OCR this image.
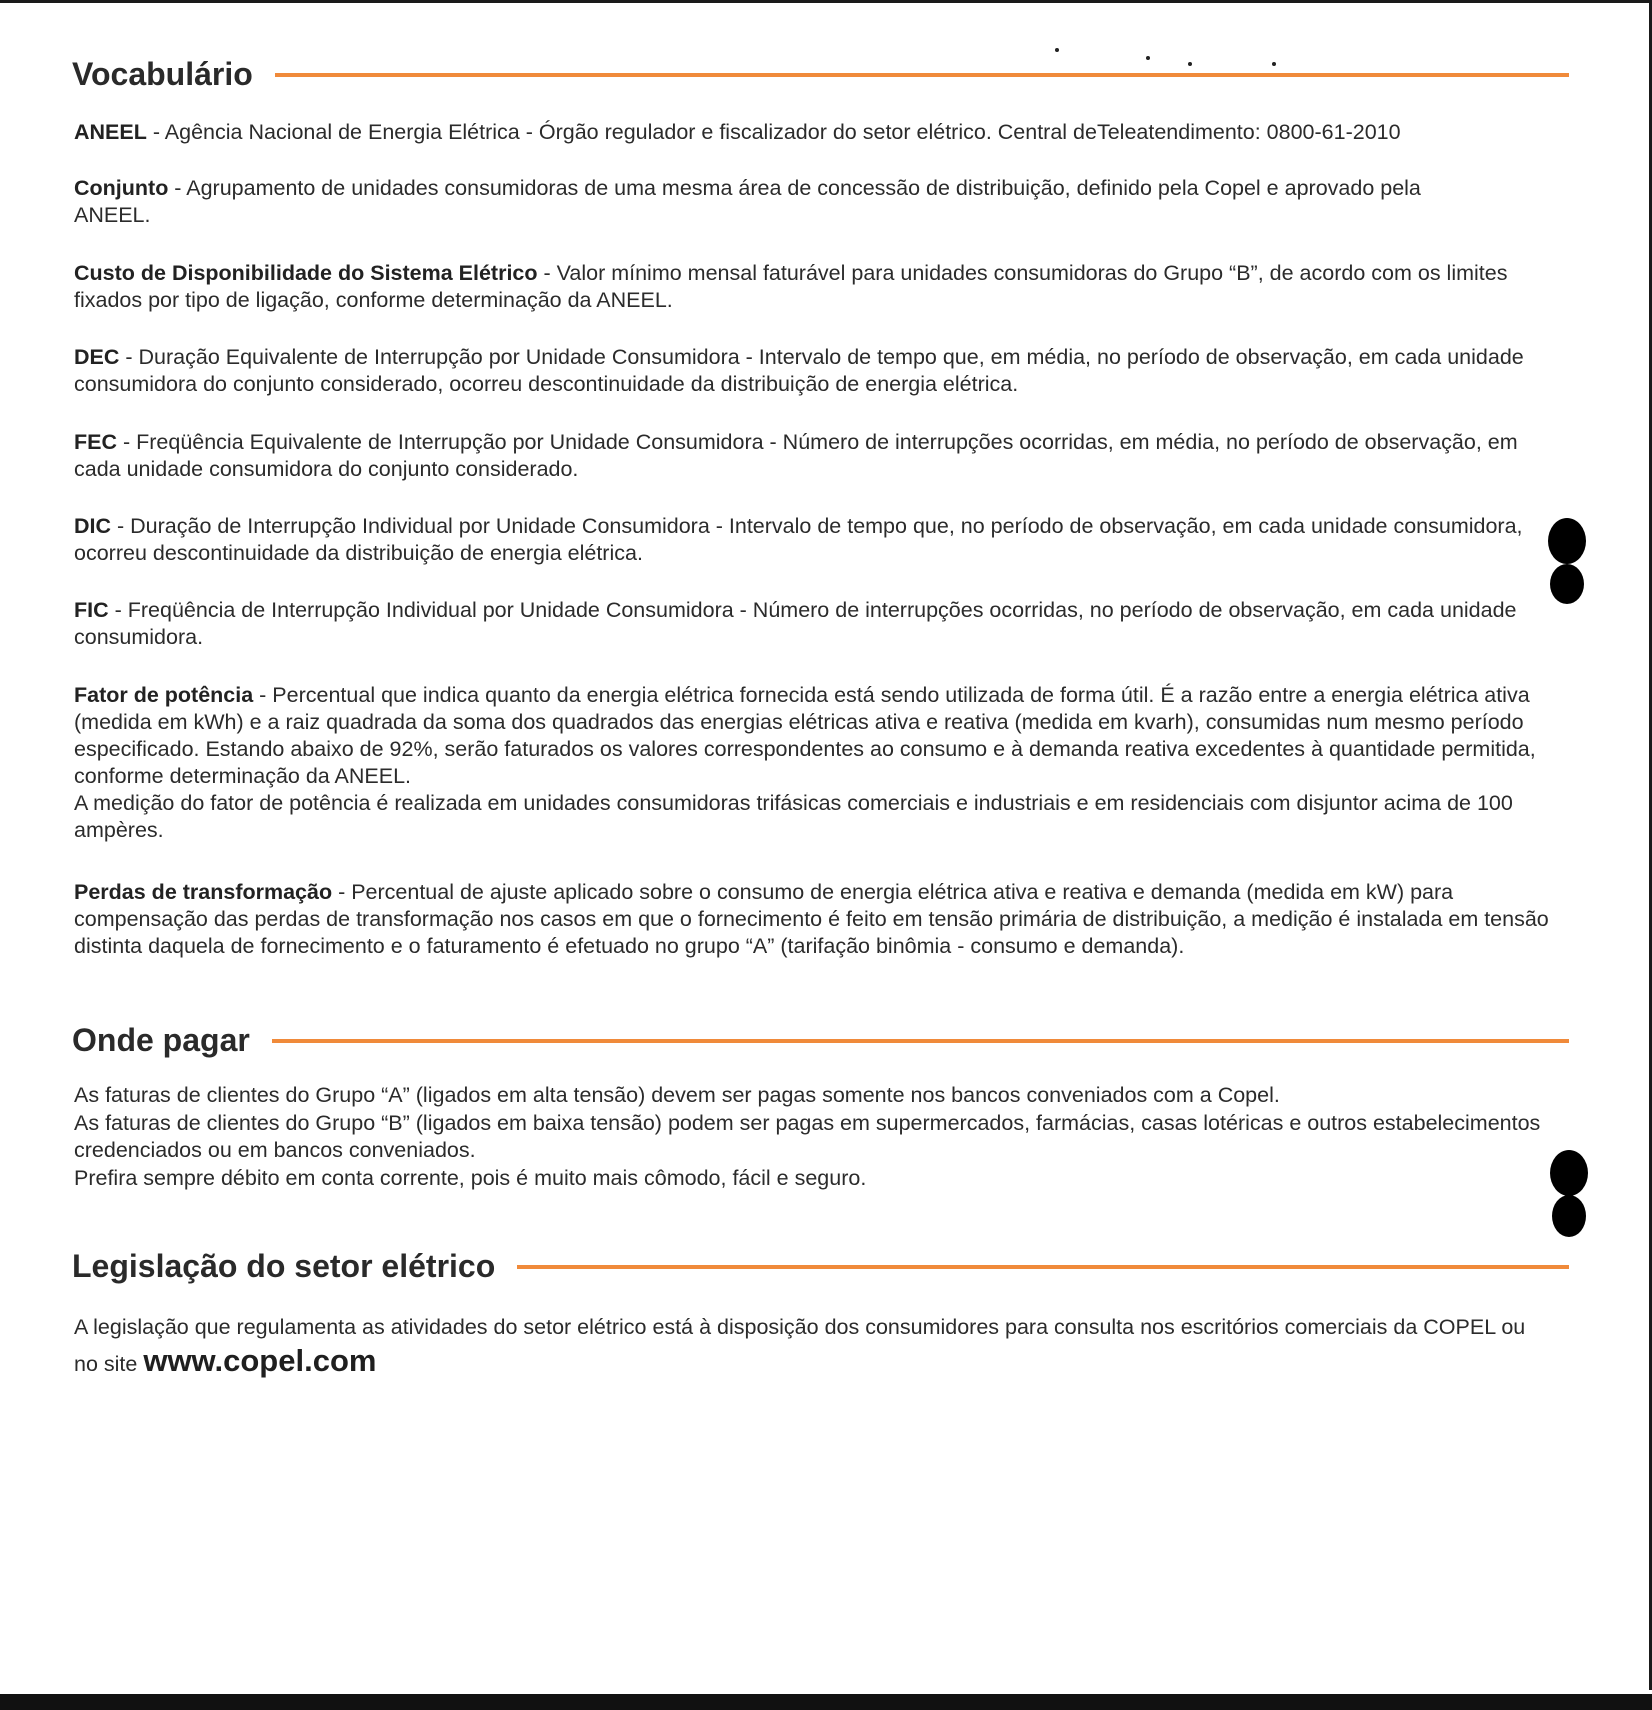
Vocabulário
ANEEL - Agência Nacional de Energia Elétrica - Órgão regulador e fiscalizador do setor elétrico. Central deTeleatendimento: 0800-61-2010
Conjunto - Agrupamento de unidades consumidoras de uma mesma área de concessão de distribuição, definido pela Copel e aprovado pela ANEEL.
Custo de Disponibilidade do Sistema Elétrico - Valor mínimo mensal faturável para unidades consumidoras do Grupo “B”, de acordo com os limites fixados por tipo de ligação, conforme determinação da ANEEL.
DEC - Duração Equivalente de Interrupção por Unidade Consumidora - Intervalo de tempo que, em média, no período de observação, em cada unidade consumidora do conjunto considerado, ocorreu descontinuidade da distribuição de energia elétrica.
FEC - Freqüência Equivalente de Interrupção por Unidade Consumidora - Número de interrupções ocorridas, em média, no período de observação, em cada unidade consumidora do conjunto considerado.
DIC - Duração de Interrupção Individual por Unidade Consumidora - Intervalo de tempo que, no período de observação, em cada unidade consumidora, ocorreu descontinuidade da distribuição de energia elétrica.
FIC - Freqüência de Interrupção Individual por Unidade Consumidora - Número de interrupções ocorridas, no período de observação, em cada unidade consumidora.
Fator de potência - Percentual que indica quanto da energia elétrica fornecida está sendo utilizada de forma útil. É a razão entre a energia elétrica ativa (medida em kWh) e a raiz quadrada da soma dos quadrados das energias elétricas ativa e reativa (medida em kvarh), consumidas num mesmo período especificado. Estando abaixo de 92%, serão faturados os valores correspondentes ao consumo e à demanda reativa excedentes à quantidade permitida, conforme determinação da ANEEL.
A medição do fator de potência é realizada em unidades consumidoras trifásicas comerciais e industriais e em residenciais com disjuntor acima de 100 ampères.
Perdas de transformação - Percentual de ajuste aplicado sobre o consumo de energia elétrica ativa e reativa e demanda (medida em kW) para compensação das perdas de transformação nos casos em que o fornecimento é feito em tensão primária de distribuição, a medição é instalada em tensão distinta daquela de fornecimento e o faturamento é efetuado no grupo “A” (tarifação binômia - consumo e demanda).
Onde pagar
As faturas de clientes do Grupo “A” (ligados em alta tensão) devem ser pagas somente nos bancos conveniados com a Copel.
As faturas de clientes do Grupo “B” (ligados em baixa tensão) podem ser pagas em supermercados, farmácias, casas lotéricas e outros estabelecimentos credenciados ou em bancos conveniados.
Prefira sempre débito em conta corrente, pois é muito mais cômodo, fácil e seguro.
Legislação do setor elétrico
A legislação que regulamenta as atividades do setor elétrico está à disposição dos consumidores para consulta nos escritórios comerciais da COPEL ou no site www.copel.com
